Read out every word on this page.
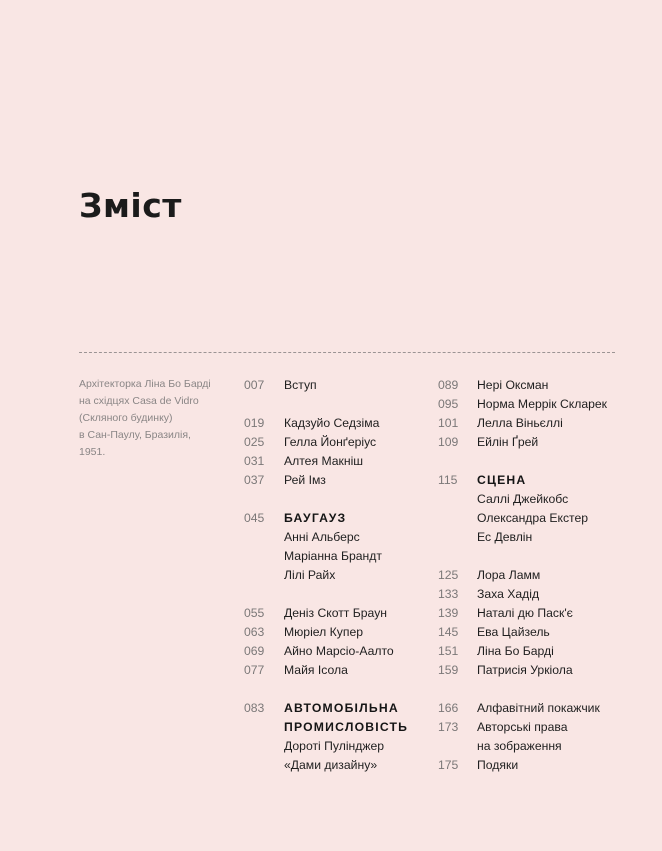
Зміст
Архітекторка Ліна Бо Барді
на східцях Casa de Vidro
(Скляного будинку)
в Сан-Паулу, Бразилія,
1951.
007 Вступ
019 Кадзуйо Седзіма
025 Гелла Йонґеріус
031 Алтея Макніш
037 Рей Імз
045 БАУГАУЗ
Анні Альберс
Маріанна Брандт
Лілі Райх
055 Деніз Скотт Браун
063 Мюріел Купер
069 Айно Марсіо-Аалто
077 Майя Ісола
083 АВТОМОБІЛЬНА
ПРОМИСЛОВІСТЬ
Дороті Пулінджер
«Дами дизайну»
089 Нері Оксман
095 Норма Меррік Скларек
101 Лелла Віньєллі
109 Ейлін Ґрей
115 СЦЕНА
Саллі Джейкобс
Олександра Екстер
Ес Девлін
125 Лора Ламм
133 Заха Хадід
139 Наталі дю Паск'є
145 Ева Цайзель
151 Ліна Бо Барді
159 Патрисія Уркіола
166 Алфавітний покажчик
173 Авторські права
на зображення
175 Подяки
